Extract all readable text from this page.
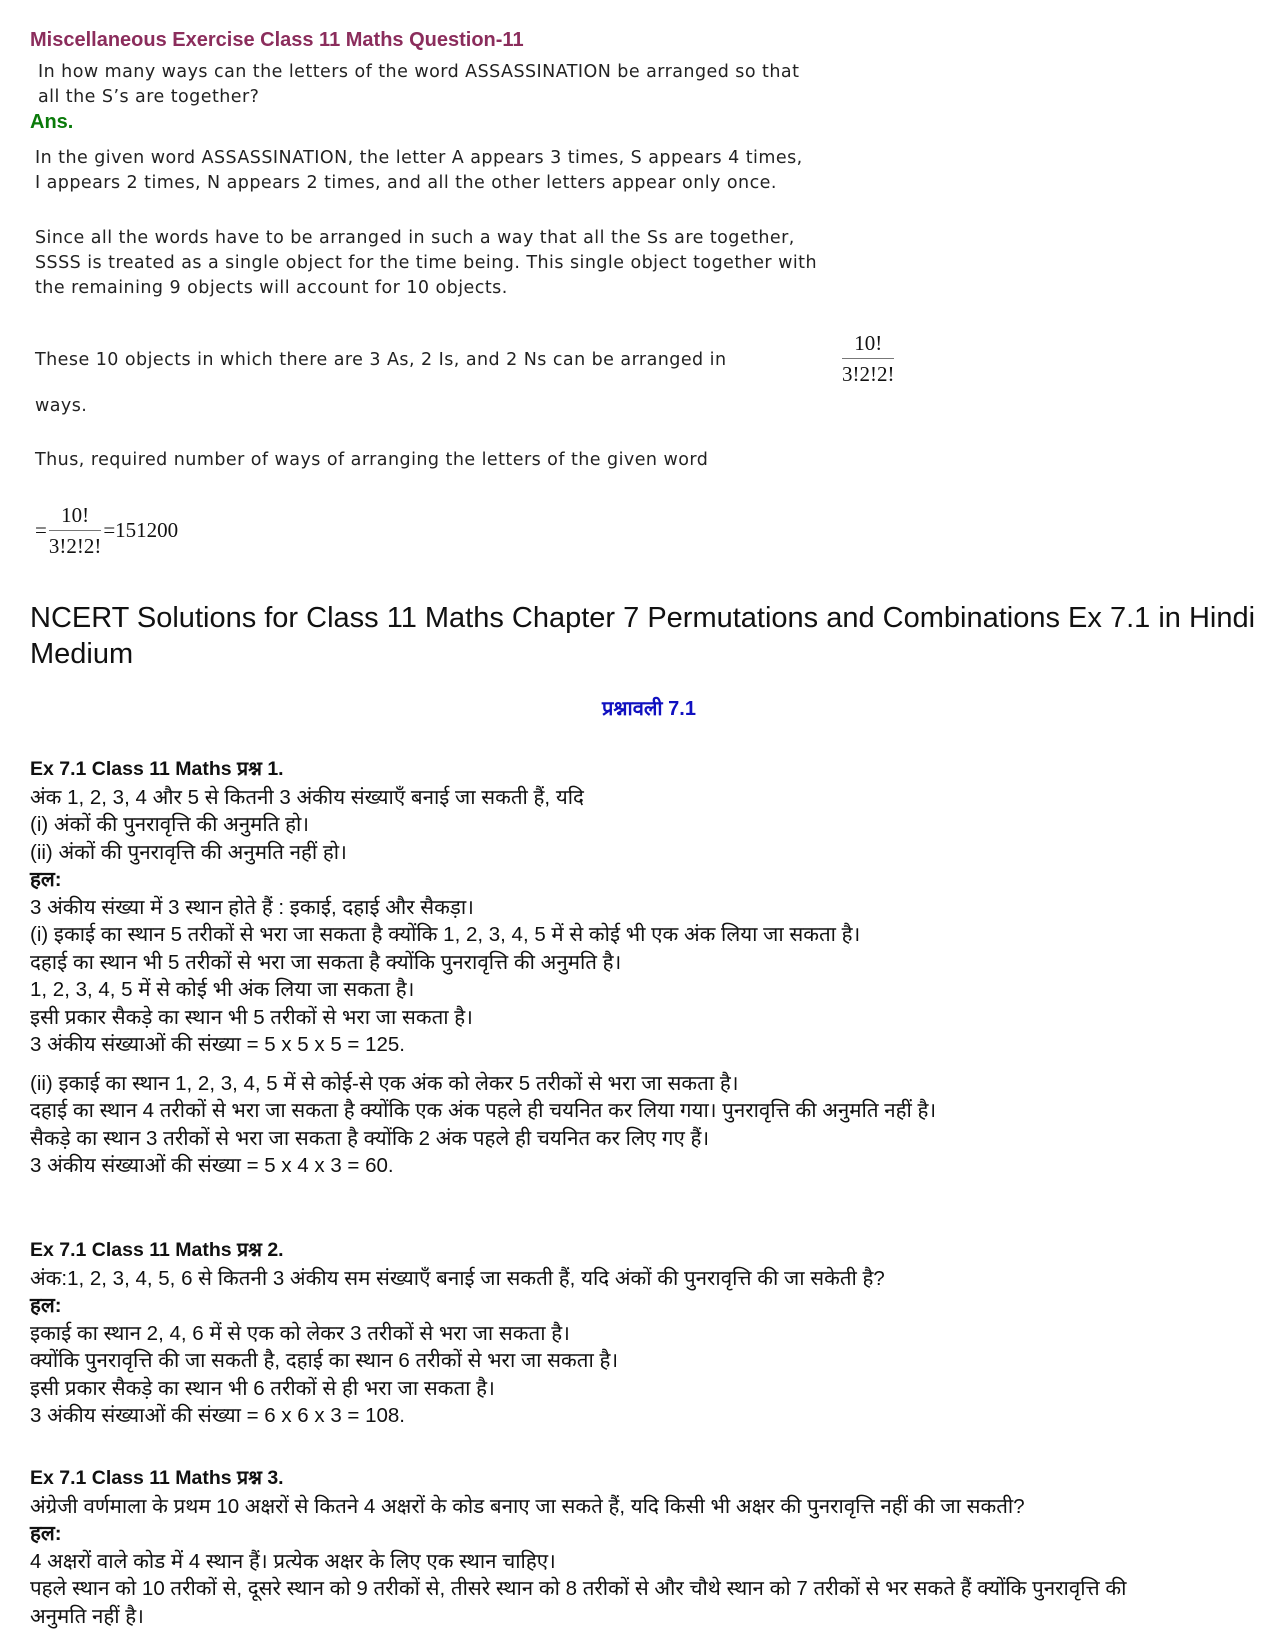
Miscellaneous Exercise Class 11 Maths Question-11
In how many ways can the letters of the word ASSASSINATION be arranged so that
all the S’s are together?
Ans.
In the given word ASSASSINATION, the letter A appears 3 times, S appears 4 times,
I appears 2 times, N appears 2 times, and all the other letters appear only once.
Since all the words have to be arranged in such a way that all the Ss are together,
SSSS is treated as a single object for the time being. This single object together with
the remaining 9 objects will account for 10 objects.
These 10 objects in which there are 3 As, 2 Is, and 2 Ns can be arranged in	$\frac{10!}{3!2!2!}$
ways.
Thus, required number of ways of arranging the letters of the given word
= $\frac{10!}{3!2!2!} =151200$
NCERT Solutions for Class 11 Maths Chapter 7 Permutations and Combinations Ex 7.1 in Hindi Medium
प्रश्नावली 7.1
Ex 7.1 Class 11 Maths प्रश्न 1.
अंक 1, 2, 3, 4 और 5 से कितनी 3 अंकीय संख्याएँ बनाई जा सकती हैं, यदि
(i) अंकों की पुनरावृत्ति की अनुमति हो।
(ii) अंकों की पुनरावृत्ति की अनुमति नहीं हो।
हल:
3 अंकीय संख्या में 3 स्थान होते हैं : इकाई, दहाई और सैकड़ा।
(i) इकाई का स्थान 5 तरीकों से भरा जा सकता है क्योंकि 1, 2, 3, 4, 5 में से कोई भी एक अंक लिया जा सकता है।
दहाई का स्थान भी 5 तरीकों से भरा जा सकता है क्योंकि पुनरावृत्ति की अनुमति है।
1, 2, 3, 4, 5 में से कोई भी अंक लिया जा सकता है।
इसी प्रकार सैकड़े का स्थान भी 5 तरीकों से भरा जा सकता है।
3 अंकीय संख्याओं की संख्या = 5 x 5 x 5 = 125.
(ii) इकाई का स्थान 1, 2, 3, 4, 5 में से कोई-से एक अंक को लेकर 5 तरीकों से भरा जा सकता है।
दहाई का स्थान 4 तरीकों से भरा जा सकता है क्योंकि एक अंक पहले ही चयनित कर लिया गया। पुनरावृत्ति की अनुमति नहीं है।
सैकड़े का स्थान 3 तरीकों से भरा जा सकता है क्योंकि 2 अंक पहले ही चयनित कर लिए गए हैं।
3 अंकीय संख्याओं की संख्या = 5 x 4 x 3 = 60.
Ex 7.1 Class 11 Maths प्रश्न 2.
अंक:1, 2, 3, 4, 5, 6 से कितनी 3 अंकीय सम संख्याएँ बनाई जा सकती हैं, यदि अंकों की पुनरावृत्ति की जा सकेती है?
हल:
इकाई का स्थान 2, 4, 6 में से एक को लेकर 3 तरीकों से भरा जा सकता है।
क्योंकि पुनरावृत्ति की जा सकती है, दहाई का स्थान 6 तरीकों से भरा जा सकता है।
इसी प्रकार सैकड़े का स्थान भी 6 तरीकों से ही भरा जा सकता है।
3 अंकीय संख्याओं की संख्या = 6 x 6 x 3 = 108.
Ex 7.1 Class 11 Maths प्रश्न 3.
अंग्रेजी वर्णमाला के प्रथम 10 अक्षरों से कितने 4 अक्षरों के कोड बनाए जा सकते हैं, यदि किसी भी अक्षर की पुनरावृत्ति नहीं की जा सकती?
हल:
4 अक्षरों वाले कोड में 4 स्थान हैं। प्रत्येक अक्षर के लिए एक स्थान चाहिए।
पहले स्थान को 10 तरीकों से, दूसरे स्थान को 9 तरीकों से, तीसरे स्थान को 8 तरीकों से और चौथे स्थान को 7 तरीकों से भर सकते हैं क्योंकि पुनरावृत्ति की
अनुमति नहीं है।
